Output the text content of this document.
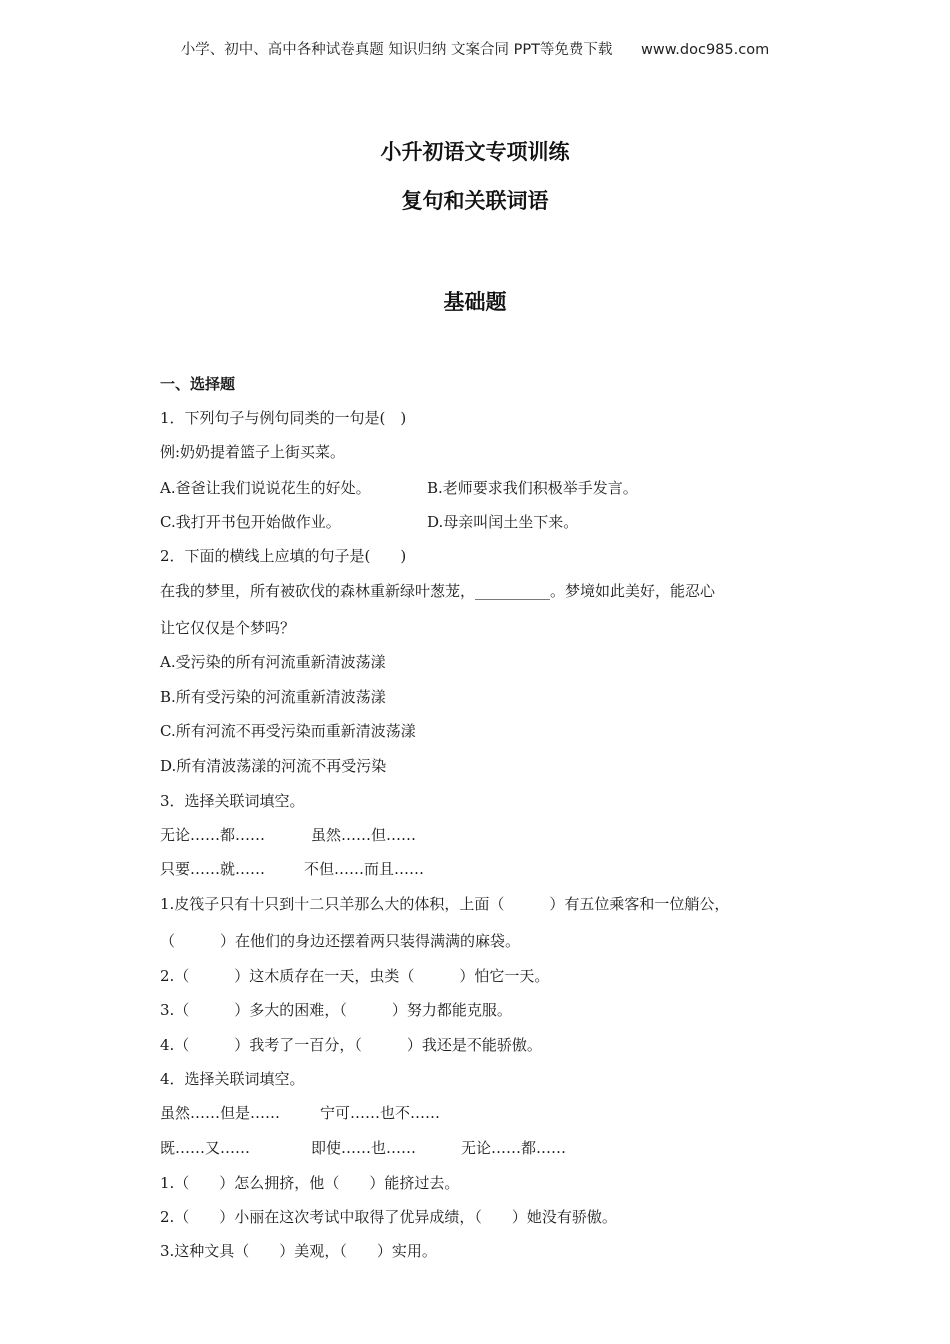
小学、初中、高中各种试卷真题 知识归纳 文案合同 PPT等免费下载 www.doc985.com
小升初语文专项训练
复句和关联词语
基础题
一、选择题
1．下列句子与例句同类的一句是(　)
例:奶奶提着篮子上街买菜。
A.爸爸让我们说说花生的好处。	B.老师要求我们积极举手发言。
C.我打开书包开始做作业。	D.母亲叫闰土坐下来。
2．下面的横线上应填的句子是(　　)
在我的梦里，所有被砍伐的森林重新绿叶葱茏，__________。梦境如此美好，能忍心
让它仅仅是个梦吗？
A.受污染的所有河流重新清波荡漾
B.所有受污染的河流重新清波荡漾
C.所有河流不再受污染而重新清波荡漾
D.所有清波荡漾的河流不再受污染
3．选择关联词填空。
无论……都……	虽然……但……
只要……就……	不但……而且……
1.皮筏子只有十只到十二只羊那么大的体积，上面（　　　）有五位乘客和一位艄公，
（　　　）在他们的身边还摆着两只装得满满的麻袋。
2.（　　　）这木质存在一天，虫类（　　　）怕它一天。
3.（　　　）多大的困难，（　　　）努力都能克服。
4.（　　　）我考了一百分，（　　　）我还是不能骄傲。
4．选择关联词填空。
虽然……但是……	宁可……也不……
既……又……	即使……也……	无论……都……
1.（　　）怎么拥挤，他（　　）能挤过去。
2.（　　）小丽在这次考试中取得了优异成绩，（　　）她没有骄傲。
3.这种文具（　　）美观，（　　）实用。
